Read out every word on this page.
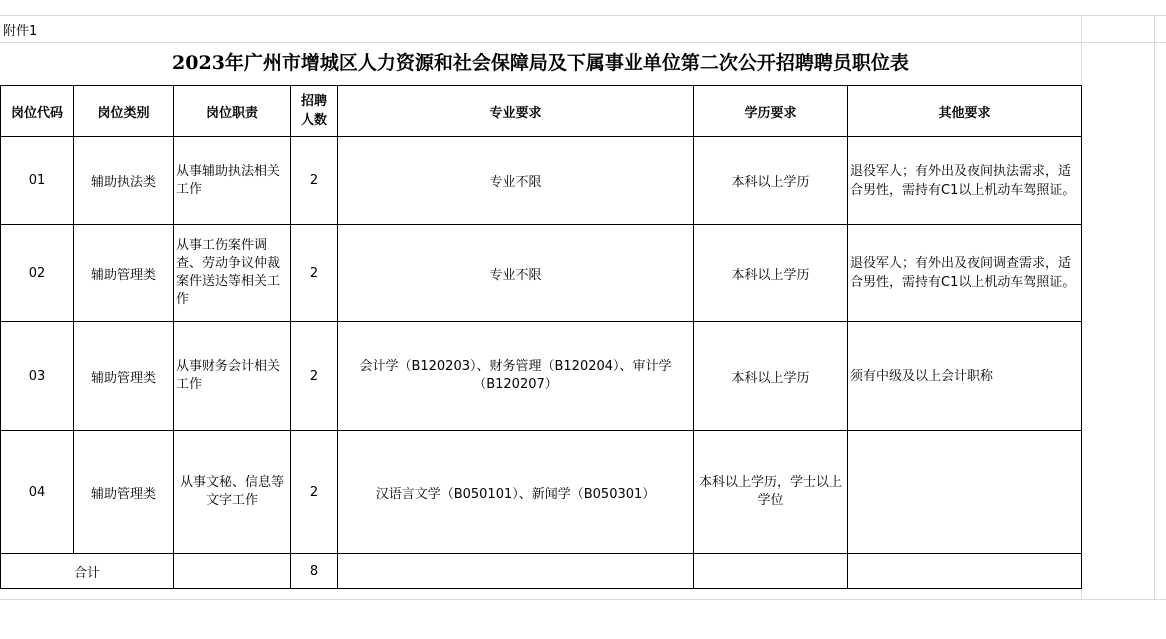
附件1
2023年广州市增城区人力资源和社会保障局及下属事业单位第二次公开招聘聘员职位表
岗位代码	岗位类别	岗位职责	招聘人数	专业要求	学历要求	其他要求
01	辅助执法类	从事辅助执法相关工作	2	专业不限	本科以上学历	退役军人；有外出及夜间执法需求，适合男性，需持有C1以上机动车驾照证。
02	辅助管理类	从事工伤案件调查、劳动争议仲裁案件送达等相关工作	2	专业不限	本科以上学历	退役军人；有外出及夜间调查需求，适合男性，需持有C1以上机动车驾照证。
03	辅助管理类	从事财务会计相关工作	2	会计学（B120203）、财务管理（B120204）、审计学（B120207）	本科以上学历	须有中级及以上会计职称
04	辅助管理类	从事文秘、信息等文字工作	2	汉语言文学（B050101）、新闻学（B050301）	本科以上学历，学士以上学位	
合计			8			
